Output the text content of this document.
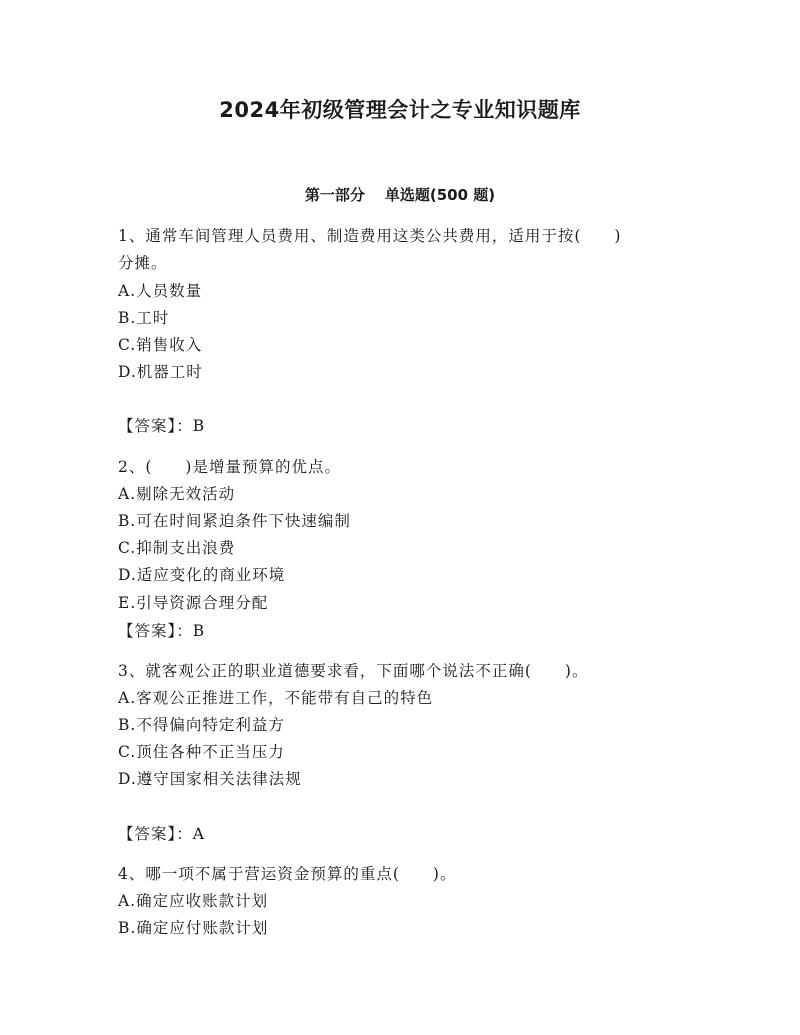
2024年初级管理会计之专业知识题库
第一部分 单选题(500 题)
1、通常车间管理人员费用、制造费用这类公共费用，适用于按(　　)
分摊。
A.人员数量
B.工时
C.销售收入
D.机器工时
【答案】：B
2、(　　)是增量预算的优点。
A.剔除无效活动
B.可在时间紧迫条件下快速编制
C.抑制支出浪费
D.适应变化的商业环境
E.引导资源合理分配
【答案】：B
3、就客观公正的职业道德要求看，下面哪个说法不正确(　　)。
A.客观公正推进工作，不能带有自己的特色
B.不得偏向特定利益方
C.顶住各种不正当压力
D.遵守国家相关法律法规
【答案】：A
4、哪一项不属于营运资金预算的重点(　　)。
A.确定应收账款计划
B.确定应付账款计划
